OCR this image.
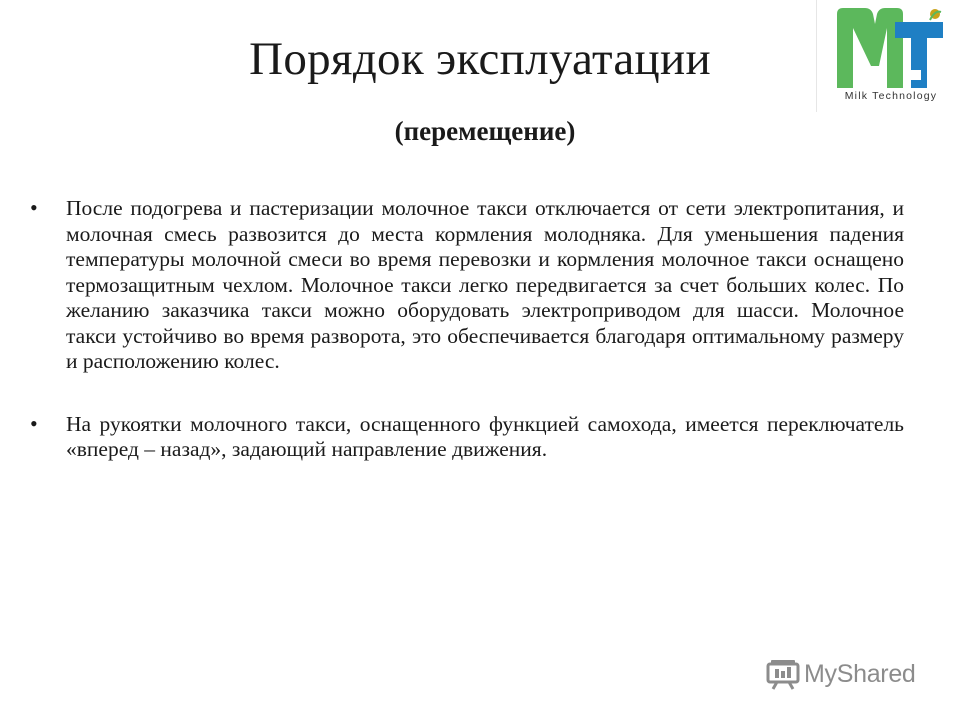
Порядок эксплуатации
(перемещение)
Milk Technology
• После подогрева и пастеризации молочное такси отключается от сети электропитания, и молочная смесь развозится до места кормления молодняка. Для уменьшения падения температуры молочной смеси во время перевозки и кормления молочное такси оснащено термозащитным чехлом. Молочное такси легко передвигается за счет больших колес. По желанию заказчика такси можно оборудовать электроприводом для шасси. Молочное такси устойчиво во время разворота, это обеспечивается благодаря оптимальному размеру и расположению колес.
• На рукоятки молочного такси, оснащенного функцией самохода, имеется переключатель «вперед – назад», задающий направление движения.
MyShared
